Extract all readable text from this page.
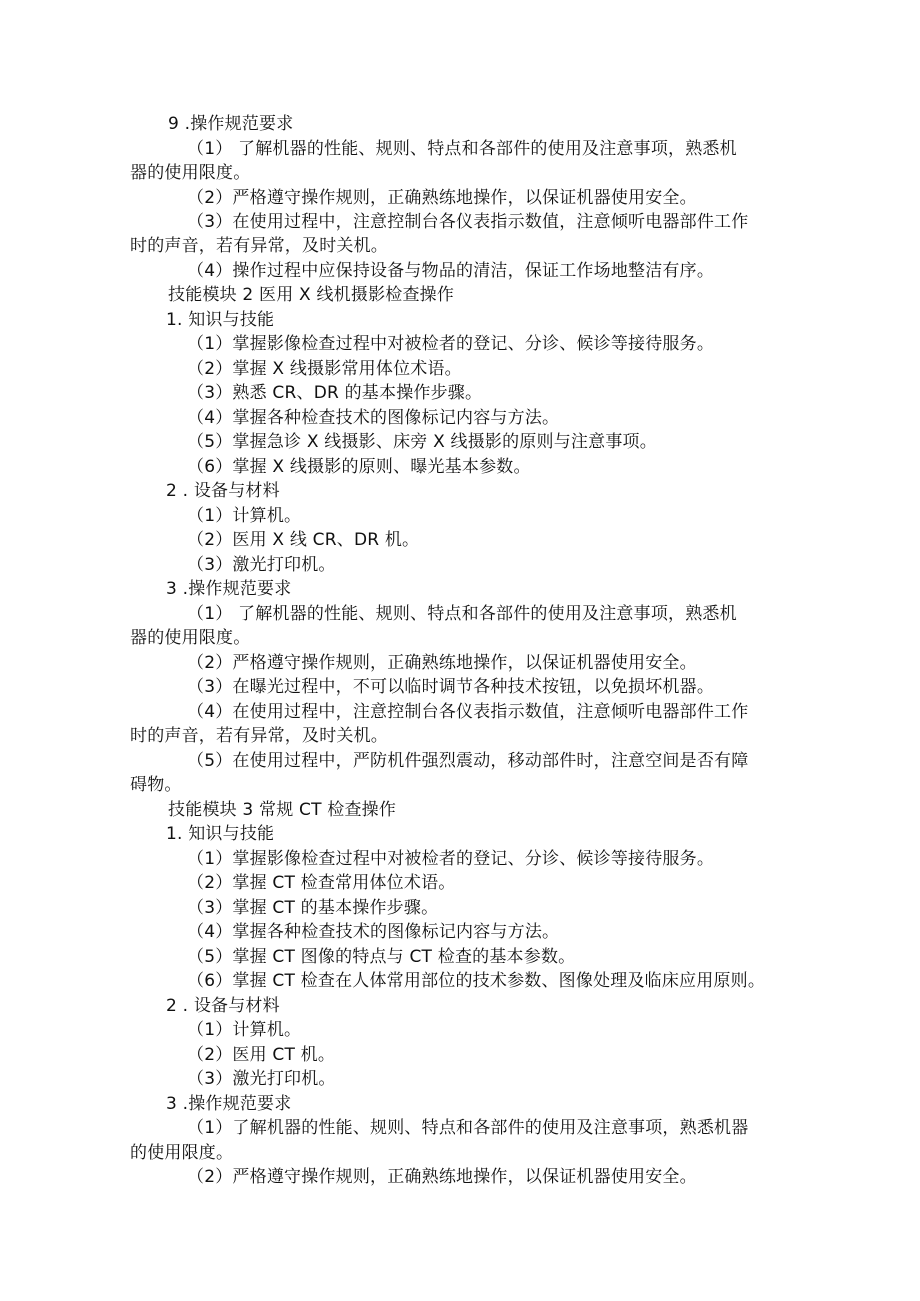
9 .操作规范要求
（1） 了解机器的性能、规则、特点和各部件的使用及注意事项，熟悉机
器的使用限度。
（2）严格遵守操作规则，正确熟练地操作，以保证机器使用安全。
（3）在使用过程中，注意控制台各仪表指示数值，注意倾听电器部件工作
时的声音，若有异常，及时关机。
（4）操作过程中应保持设备与物品的清洁，保证工作场地整洁有序。
技能模块 2 医用 X 线机摄影检查操作
1. 知识与技能
（1）掌握影像检查过程中对被检者的登记、分诊、候诊等接待服务。
（2）掌握 X 线摄影常用体位术语。
（3）熟悉 CR、DR 的基本操作步骤。
（4）掌握各种检查技术的图像标记内容与方法。
（5）掌握急诊 X 线摄影、床旁 X 线摄影的原则与注意事项。
（6）掌握 X 线摄影的原则、曝光基本参数。
2 . 设备与材料
（1）计算机。
（2）医用 X 线 CR、DR 机。
（3）激光打印机。
3 .操作规范要求
（1） 了解机器的性能、规则、特点和各部件的使用及注意事项，熟悉机
器的使用限度。
（2）严格遵守操作规则，正确熟练地操作，以保证机器使用安全。
（3）在曝光过程中，不可以临时调节各种技术按钮，以免损坏机器。
（4）在使用过程中，注意控制台各仪表指示数值，注意倾听电器部件工作
时的声音，若有异常，及时关机。
（5）在使用过程中，严防机件强烈震动，移动部件时，注意空间是否有障
碍物。
技能模块 3 常规 CT 检查操作
1. 知识与技能
（1）掌握影像检查过程中对被检者的登记、分诊、候诊等接待服务。
（2）掌握 CT 检查常用体位术语。
（3）掌握 CT 的基本操作步骤。
（4）掌握各种检查技术的图像标记内容与方法。
（5）掌握 CT 图像的特点与 CT 检查的基本参数。
（6）掌握 CT 检查在人体常用部位的技术参数、图像处理及临床应用原则。
2 . 设备与材料
（1）计算机。
（2）医用 CT 机。
（3）激光打印机。
3 .操作规范要求
（1）了解机器的性能、规则、特点和各部件的使用及注意事项，熟悉机器
的使用限度。
（2）严格遵守操作规则，正确熟练地操作，以保证机器使用安全。
